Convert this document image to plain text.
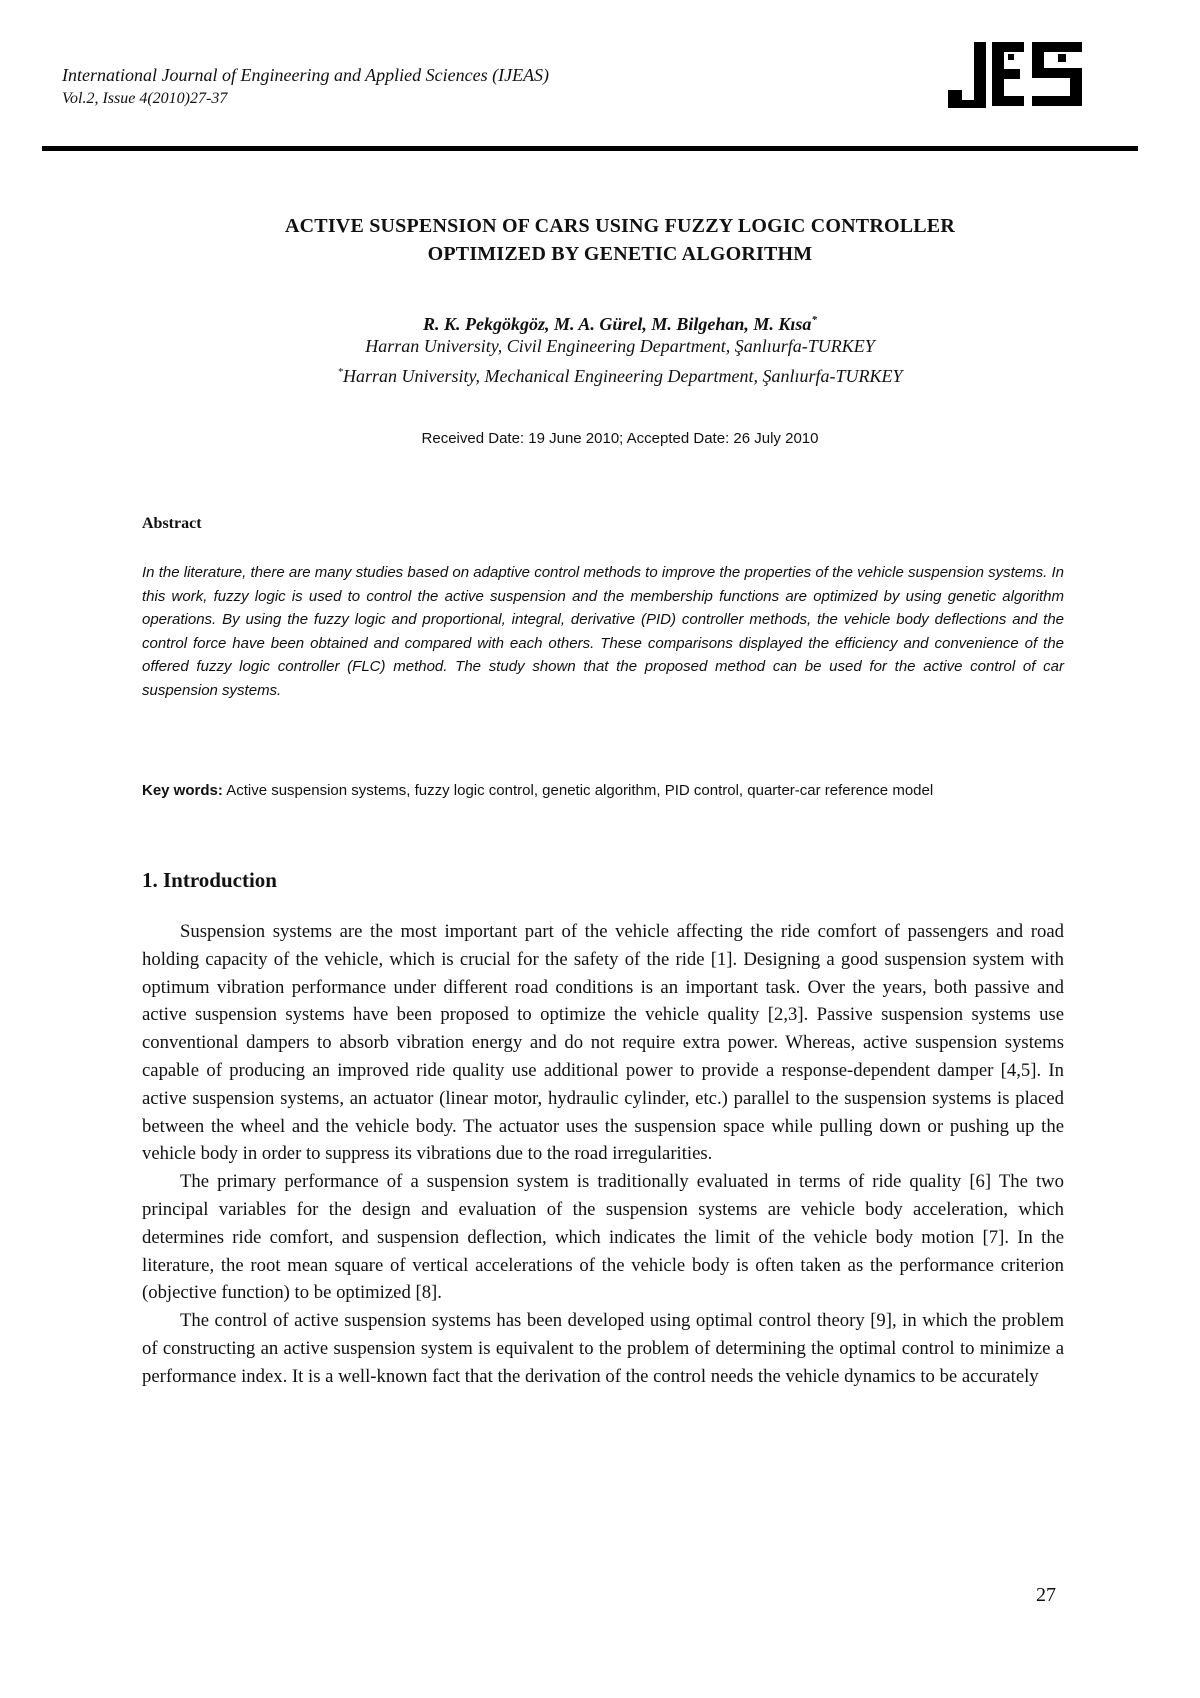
International Journal of Engineering and Applied Sciences (IJEAS)
Vol.2, Issue 4(2010)27-37
ACTIVE SUSPENSION OF CARS USING FUZZY LOGIC CONTROLLER
OPTIMIZED BY GENETIC ALGORITHM
R. K. Pekgökgöz, M. A. Gürel, M. Bilgehan, M. Kısa*
Harran University, Civil Engineering Department, Şanlıurfa-TURKEY
*Harran University, Mechanical Engineering Department, Şanlıurfa-TURKEY
Received Date: 19 June 2010; Accepted Date: 26 July 2010
Abstract
In the literature, there are many studies based on adaptive control methods to improve the properties of the vehicle suspension systems. In this work, fuzzy logic is used to control the active suspension and the membership functions are optimized by using genetic algorithm operations. By using the fuzzy logic and proportional, integral, derivative (PID) controller methods, the vehicle body deflections and the control force have been obtained and compared with each others. These comparisons displayed the efficiency and convenience of the offered fuzzy logic controller (FLC) method. The study shown that the proposed method can be used for the active control of car suspension systems.
Key words: Active suspension systems, fuzzy logic control, genetic algorithm, PID control, quarter-car reference model
1. Introduction

Suspension systems are the most important part of the vehicle affecting the ride comfort of passengers and road holding capacity of the vehicle, which is crucial for the safety of the ride [1]. Designing a good suspension system with optimum vibration performance under different road conditions is an important task. Over the years, both passive and active suspension systems have been proposed to optimize the vehicle quality [2,3]. Passive suspension systems use conventional dampers to absorb vibration energy and do not require extra power. Whereas, active suspension systems capable of producing an improved ride quality use additional power to provide a response-dependent damper [4,5]. In active suspension systems, an actuator (linear motor, hydraulic cylinder, etc.) parallel to the suspension systems is placed between the wheel and the vehicle body. The actuator uses the suspension space while pulling down or pushing up the vehicle body in order to suppress its vibrations due to the road irregularities.

The primary performance of a suspension system is traditionally evaluated in terms of ride quality [6] The two principal variables for the design and evaluation of the suspension systems are vehicle body acceleration, which determines ride comfort, and suspension deflection, which indicates the limit of the vehicle body motion [7]. In the literature, the root mean square of vertical accelerations of the vehicle body is often taken as the performance criterion (objective function) to be optimized [8].

The control of active suspension systems has been developed using optimal control theory [9], in which the problem of constructing an active suspension system is equivalent to the problem of determining the optimal control to minimize a performance index. It is a well-known fact that the derivation of the control needs the vehicle dynamics to be accurately

27
